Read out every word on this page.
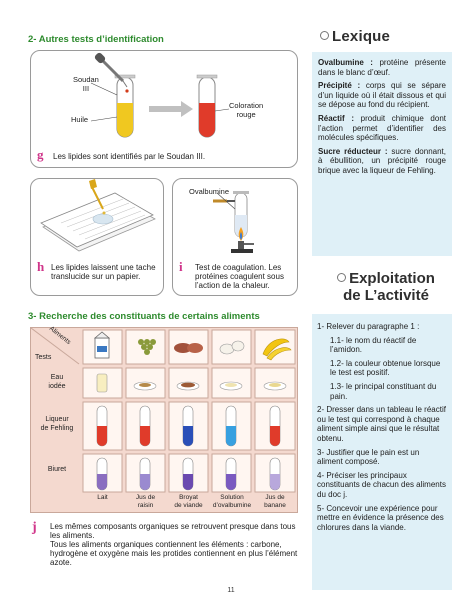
2- Autres tests d’identification
Soudan
III
Huile
Coloration
rouge
g Les lipides sont identifiés par le Soudan III.
h Les lipides laissent une tache translucide sur un papier.
Ovalbumine
i Test de coagulation. Les protéines coagulent sous l’action de la chaleur.
3- Recherche des constituants de certains aliments
Aliments
Tests
Eau
iodée
Liqueur
de Fehling
Biuret
Lait	Jus de
raisin
Broyat
de viande
Solution
d’ovalbumine
Jus de
banane
j Les mêmes composants organiques se retrouvent presque dans tous les aliments.
Tous les aliments organiques contiennent les éléments : carbone, hydrogène et oxygène mais les protides contiennent en plus l’élément azote.
Lexique
Ovalbumine : protéine présente dans le blanc d’œuf.
Précipité : corps qui se sépare d’un liquide où il était dissous et qui se dépose au fond du récipient.
Réactif : produit chimique dont l’action permet d’identifier des molécules spécifiques.
Sucre réducteur : sucre donnant, à ébullition, un précipité rouge brique avec la liqueur de Fehling.
Exploitation
de L’activité
1- Relever du paragraphe 1 :
1.1- le nom du réactif de l’amidon.
1.2- la couleur obtenue lorsque le test est positif.
1.3- le principal constituant du pain.
2- Dresser dans un tableau le réactif ou le test qui correspond à chaque aliment simple ainsi que le résultat obtenu.
3- Justifier que le pain est un aliment composé.
4- Préciser les principaux constituants de chacun des aliments du doc j.
5- Concevoir une expérience pour mettre en évidence la présence des chlorures dans la viande.
11
